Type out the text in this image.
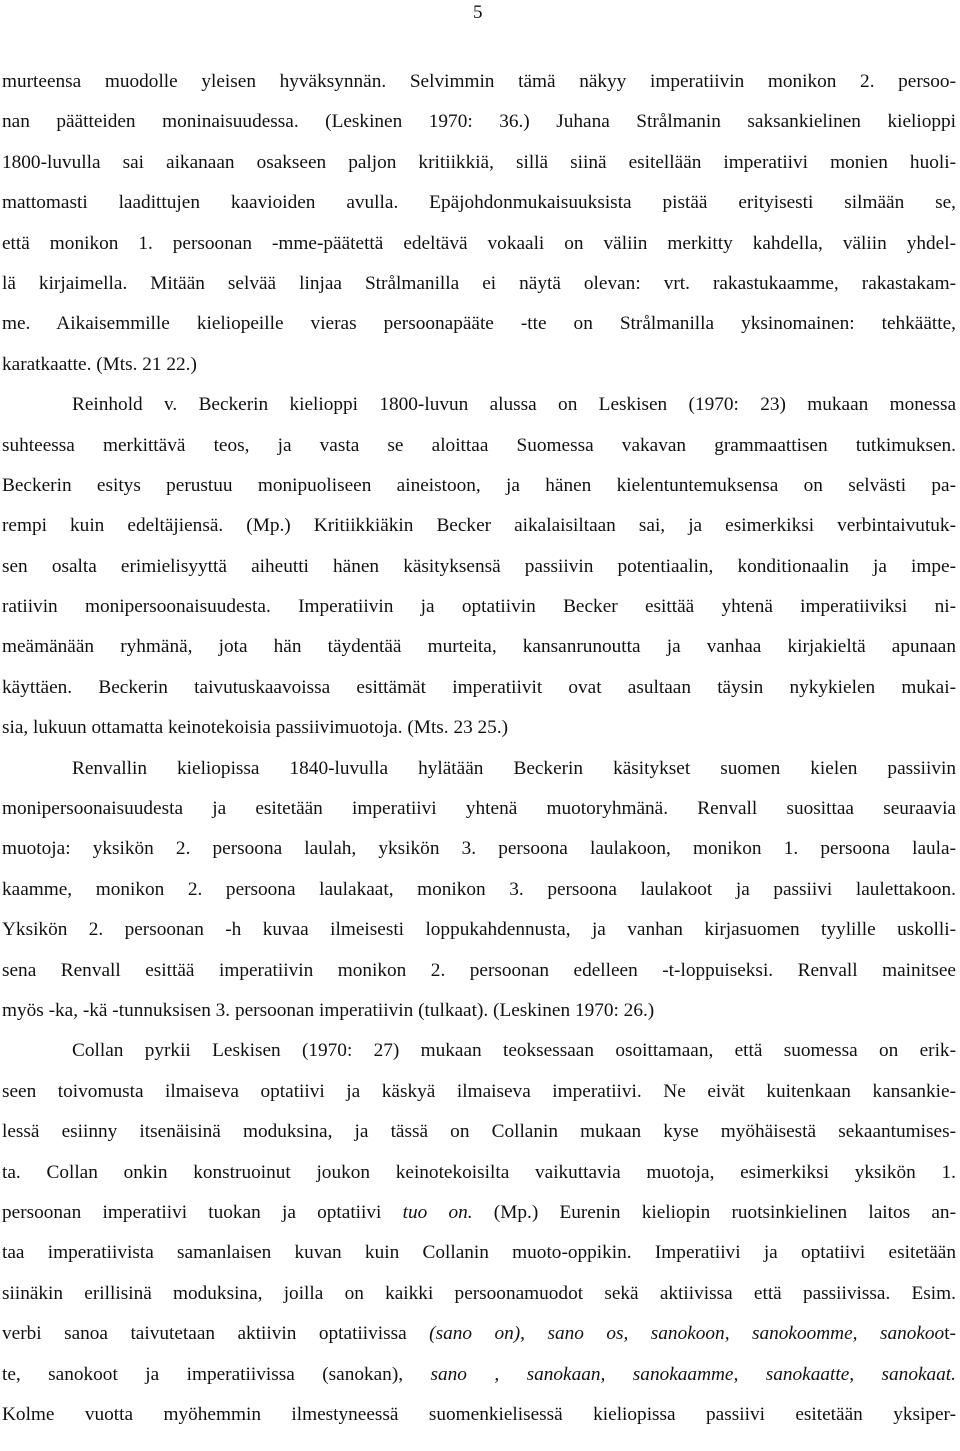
5
murteensa muodolle yleisen hyväksynnän. Selvimmin tämä näkyy imperatiivin monikon 2. persoo-
nan päätteiden moninaisuudessa. (Leskinen 1970: 36.) Juhana Strålmanin saksankielinen kielioppi
1800-luvulla sai aikanaan osakseen paljon kritiikkiä, sillä siinä esitellään imperatiivi monien huoli-
mattomasti laadittujen kaavioiden avulla. Epäjohdonmukaisuuksista pistää erityisesti silmään se,
että monikon 1. persoonan -mme-päätettä edeltävä vokaali on väliin merkitty kahdella, väliin yhdel-
lä kirjaimella. Mitään selvää linjaa Strålmanilla ei näytä olevan: vrt. rakastukaamme, rakastakam-
me. Aikaisemmille kieliopeille vieras persoonapääte -tte on Strålmanilla yksinomainen: tehkäätte,
karatkaatte. (Mts. 21 22.)
Reinhold v. Beckerin kielioppi 1800-luvun alussa on Leskisen (1970: 23) mukaan monessa
suhteessa merkittävä teos, ja vasta se aloittaa Suomessa vakavan grammaattisen tutkimuksen.
Beckerin esitys perustuu monipuoliseen aineistoon, ja hänen kielentuntemuksensa on selvästi pa-
rempi kuin edeltäjiensä. (Mp.) Kritiikkiäkin Becker aikalaisiltaan sai, ja esimerkiksi verbintaivutuk-
sen osalta erimielisyyttä aiheutti hänen käsityksensä passiivin potentiaalin, konditionaalin ja impe-
ratiivin monipersoonaisuudesta. Imperatiivin ja optatiivin Becker esittää yhtenä imperatiiviksi ni-
meämänään ryhmänä, jota hän täydentää murteita, kansanrunoutta ja vanhaa kirjakieltä apunaan
käyttäen. Beckerin taivutuskaavoissa esittämät imperatiivit ovat asultaan täysin nykykielen mukai-
sia, lukuun ottamatta keinotekoisia passiivimuotoja. (Mts. 23 25.)
Renvallin kieliopissa 1840-luvulla hylätään Beckerin käsitykset suomen kielen passiivin
monipersoonaisuudesta ja esitetään imperatiivi yhtenä muotoryhmänä. Renvall suosittaa seuraavia
muotoja: yksikön 2. persoona laulah, yksikön 3. persoona laulakoon, monikon 1. persoona laula-
kaamme, monikon 2. persoona laulakaat, monikon 3. persoona laulakoot ja passiivi laulettakoon.
Yksikön 2. persoonan -h kuvaa ilmeisesti loppukahdennusta, ja vanhan kirjasuomen tyylille uskolli-
sena Renvall esittää imperatiivin monikon 2. persoonan edelleen -t-loppuiseksi. Renvall mainitsee
myös -ka, -kä -tunnuksisen 3. persoonan imperatiivin (tulkaat). (Leskinen 1970: 26.)
Collan pyrkii Leskisen (1970: 27) mukaan teoksessaan osoittamaan, että suomessa on erik-
seen toivomusta ilmaiseva optatiivi ja käskyä ilmaiseva imperatiivi. Ne eivät kuitenkaan kansankie-
lessä esiinny itsenäisinä moduksina, ja tässä on Collanin mukaan kyse myöhäisestä sekaantumises-
ta. Collan onkin konstruoinut joukon keinotekoisilta vaikuttavia muotoja, esimerkiksi yksikön 1.
persoonan imperatiivi tuokan ja optatiivi tuo on. (Mp.) Eurenin kieliopin ruotsinkielinen laitos an-
taa imperatiivista samanlaisen kuvan kuin Collanin muoto-oppikin. Imperatiivi ja optatiivi esitetään
siinäkin erillisinä moduksina, joilla on kaikki persoonamuodot sekä aktiivissa että passiivissa. Esim.
verbi sanoa taivutetaan aktiivin optatiivissa (sano on), sano os, sanokoon, sanokoomme, sanokoot-
te, sanokoot ja imperatiivissa (sanokan), sano , sanokaan, sanokaamme, sanokaatte, sanokaat.
Kolme vuotta myöhemmin ilmestyneessä suomenkielisessä kieliopissa passiivi esitetään yksiper-
